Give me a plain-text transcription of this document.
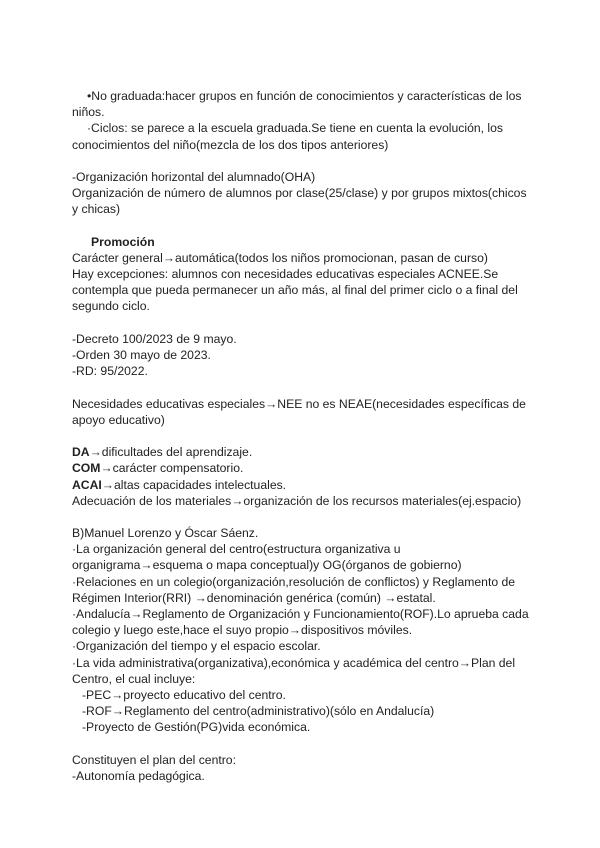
•No graduada:hacer grupos en función de conocimientos y características de los
niños.
·Ciclos: se parece a la escuela graduada.Se tiene en cuenta la evolución, los
conocimientos del niño(mezcla de los dos tipos anteriores)
-Organización horizontal del alumnado(OHA)
Organización de número de alumnos por clase(25/clase) y por grupos mixtos(chicos
y chicas)
Promoción
Carácter general→automática(todos los niños promocionan, pasan de curso)
Hay excepciones: alumnos con necesidades educativas especiales ACNEE.Se
contempla que pueda permanecer un año más, al final del primer ciclo o a final del
segundo ciclo.
-Decreto 100/2023 de 9 mayo.
-Orden 30 mayo de 2023.
-RD: 95/2022.
Necesidades educativas especiales→NEE no es NEAE(necesidades específicas de
apoyo educativo)
DA→dificultades del aprendizaje.
COM→carácter compensatorio.
ACAI→altas capacidades intelectuales.
Adecuación de los materiales→organización de los recursos materiales(ej.espacio)
B)Manuel Lorenzo y Óscar Sáenz.
·La organización general del centro(estructura organizativa u
organigrama→esquema o mapa conceptual)y OG(órganos de gobierno)
·Relaciones en un colegio(organización,resolución de conflictos) y Reglamento de
Régimen Interior(RRI) →denominación genérica (común) →estatal.
·Andalucía→Reglamento de Organización y Funcionamiento(ROF).Lo aprueba cada
colegio y luego este,hace el suyo propio→dispositivos móviles.
·Organización del tiempo y el espacio escolar.
·La vida administrativa(organizativa),económica y académica del centro→Plan del
Centro, el cual incluye:
-PEC→proyecto educativo del centro.
-ROF→Reglamento del centro(administrativo)(sólo en Andalucía)
-Proyecto de Gestión(PG)vida económica.
Constituyen el plan del centro:
-Autonomía pedagógica.
